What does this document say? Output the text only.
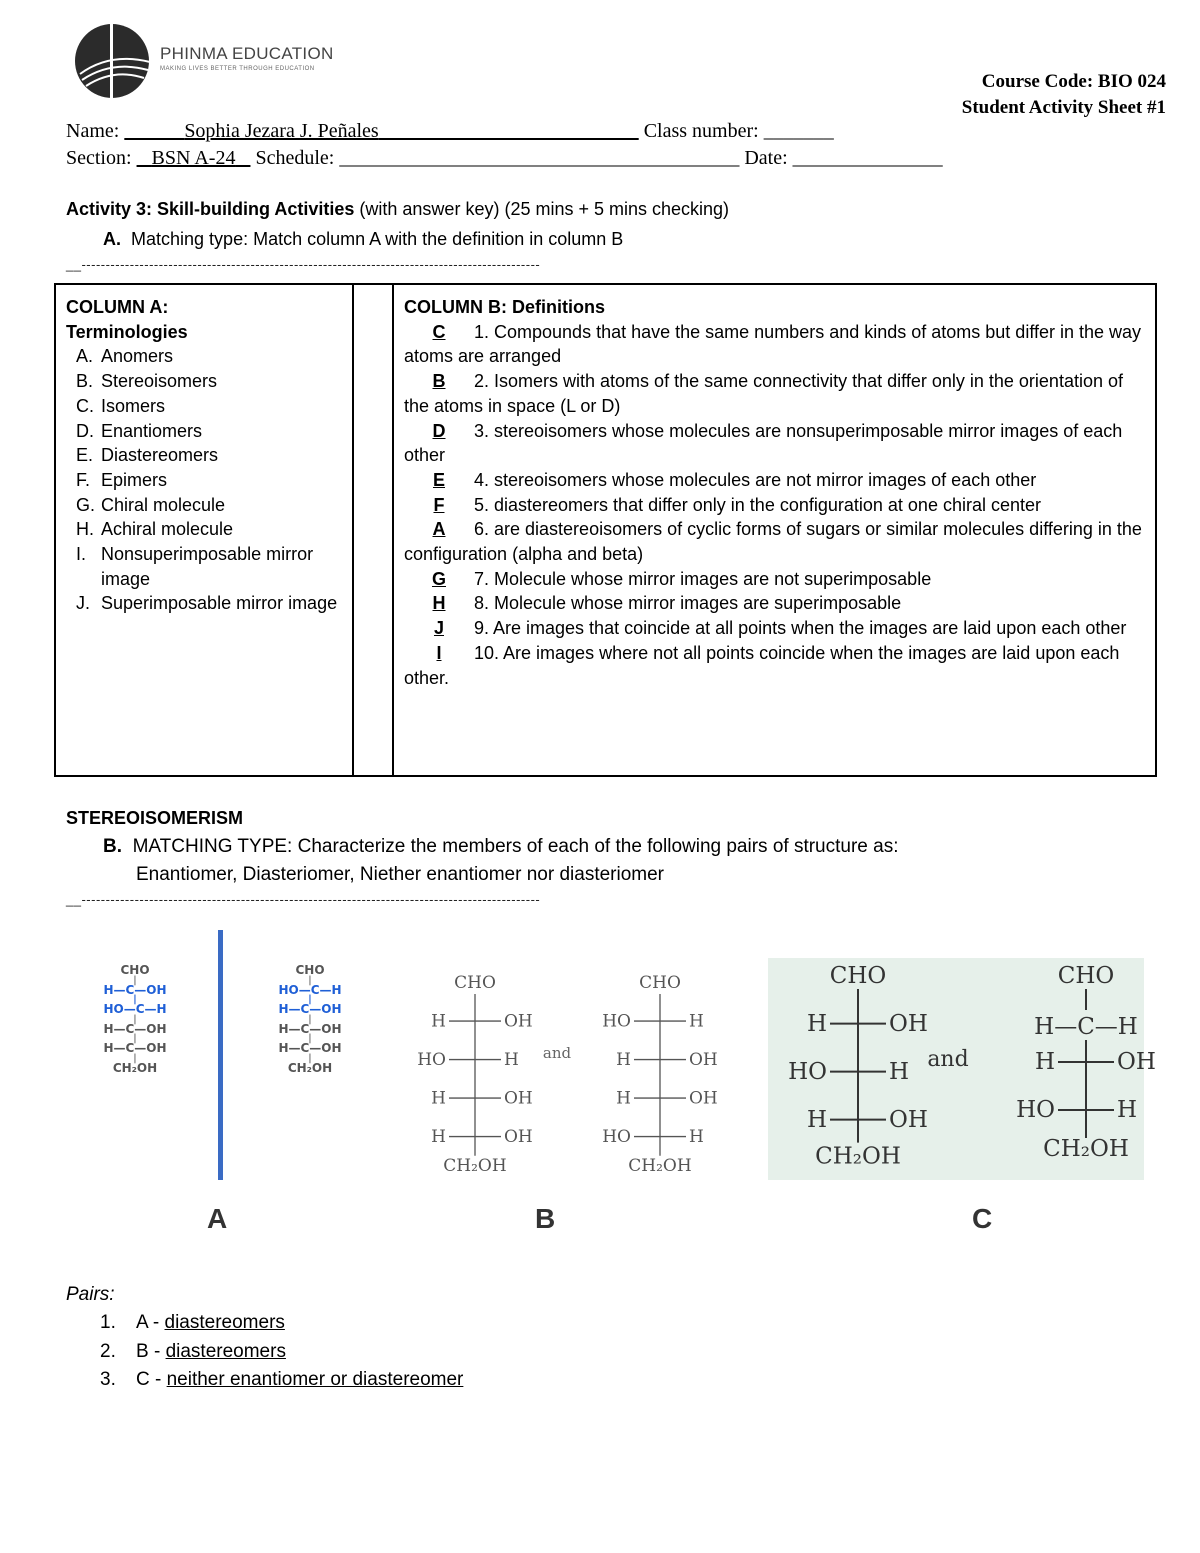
PHINMA EDUCATION
MAKING LIVES BETTER THROUGH EDUCATION
Course Code: BIO 024
Student Activity Sheet #1
Name:	Sophia Jezara J. Peñales	Class number: _______
Section: BSN A-24 Schedule: ________________________________________ Date: _______________
Activity 3: Skill-building Activities (with answer key) (25 mins + 5 mins checking)
A. Matching type: Match column A with the definition in column B
__-----------------------------------------------------------------------------------------------
COLUMN A:
Terminologies
A. Anomers
B. Stereoisomers
C. Isomers
D. Enantiomers
E. Diastereomers
F. Epimers
G. Chiral molecule
H. Achiral molecule
I. Nonsuperimposable mirror image
J. Superimposable mirror image

COLUMN B: Definitions
C 1. Compounds that have the same numbers and kinds of atoms but differ in the way atoms are arranged
B 2. Isomers with atoms of the same connectivity that differ only in the orientation of the atoms in space (L or D)
D 3. stereoisomers whose molecules are nonsuperimposable mirror images of each other
E 4. stereoisomers whose molecules are not mirror images of each other
F 5. diastereomers that differ only in the configuration at one chiral center
A 6. are diastereoisomers of cyclic forms of sugars or similar molecules differing in the configuration (alpha and beta)
G 7. Molecule whose mirror images are not superimposable
H 8. Molecule whose mirror images are superimposable
J 9. Are images that coincide at all points when the images are laid upon each other
I 10. Are images where not all points coincide when the images are laid upon each other.
STEREOISOMERISM
B. MATCHING TYPE: Characterize the members of each of the following pairs of structure as:
Enantiomer, Diasteriomer, Niether enantiomer nor diasteriomer
__-----------------------------------------------------------------------------------------------
CHO
|
H—C—OH
|
HO—C—H
|
H—C—OH
|
H—C—OH
|
CH₂OH
CHO
|
HO—C—H
|
H—C—OH
|
H—C—OH
|
H—C—OH
|
CH₂OH
CHO
H	OH
HO	H
H	OH
H	OH
CH₂OH
and
CHO
HO	H
H	OH
H	OH
HO	H
CH₂OH
CHO
H	OH
HO	H
H	OH
CH₂OH
and
CHO
H—C—H
H	OH
HO	H
CH₂OH
A	B	C
Pairs:
1. A - diastereomers
2. B - diastereomers
3. C - neither enantiomer or diastereomer
